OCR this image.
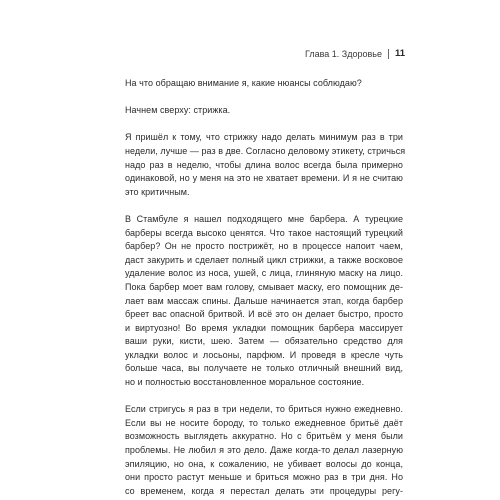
Глава 1. Здоровье 11

На что обращаю внимание я, какие нюансы соблюдаю?

Начнем сверху: стрижка.

Я пришёл к тому, что стрижку надо делать минимум раз в три
недели, лучше — раз в две. Согласно деловому этикету, стричься
надо раз в неделю, чтобы длина волос всегда была примерно
одинаковой, но у меня на это не хватает времени. И я не считаю
это критичным.

В Стамбуле я нашел подходящего мне барбера. А турецкие
барберы всегда высоко ценятся. Что такое настоящий турецкий
барбер? Он не просто пострижёт, но в процессе напоит чаем,
даст закурить и сделает полный цикл стрижки, а также восковое
удаление волос из носа, ушей, с лица, глиняную маску на лицо.
Пока барбер моет вам голову, смывает маску, его помощник де-
лает вам массаж спины. Дальше начинается этап, когда барбер
бреет вас опасной бритвой. И всё это он делает быстро, просто
и виртуозно! Во время укладки помощник барбера массирует
ваши руки, кисти, шею. Затем — обязательно средство для
укладки волос и лосьоны, парфюм. И проведя в кресле чуть
больше часа, вы получаете не только отличный внешний вид,
но и полностью восстановленное моральное состояние.

Если стригусь я раз в три недели, то бриться нужно ежедневно.
Если вы не носите бороду, то только ежедневное бритьё даёт
возможность выглядеть аккуратно. Но с бритьём у меня были
проблемы. Не любил я это дело. Даже когда-то делал лазерную
эпиляцию, но она, к сожалению, не убивает волосы до конца,
они просто растут меньше и бриться можно раз в три дня. Но
со временем, когда я перестал делать эти процедуры регу-
